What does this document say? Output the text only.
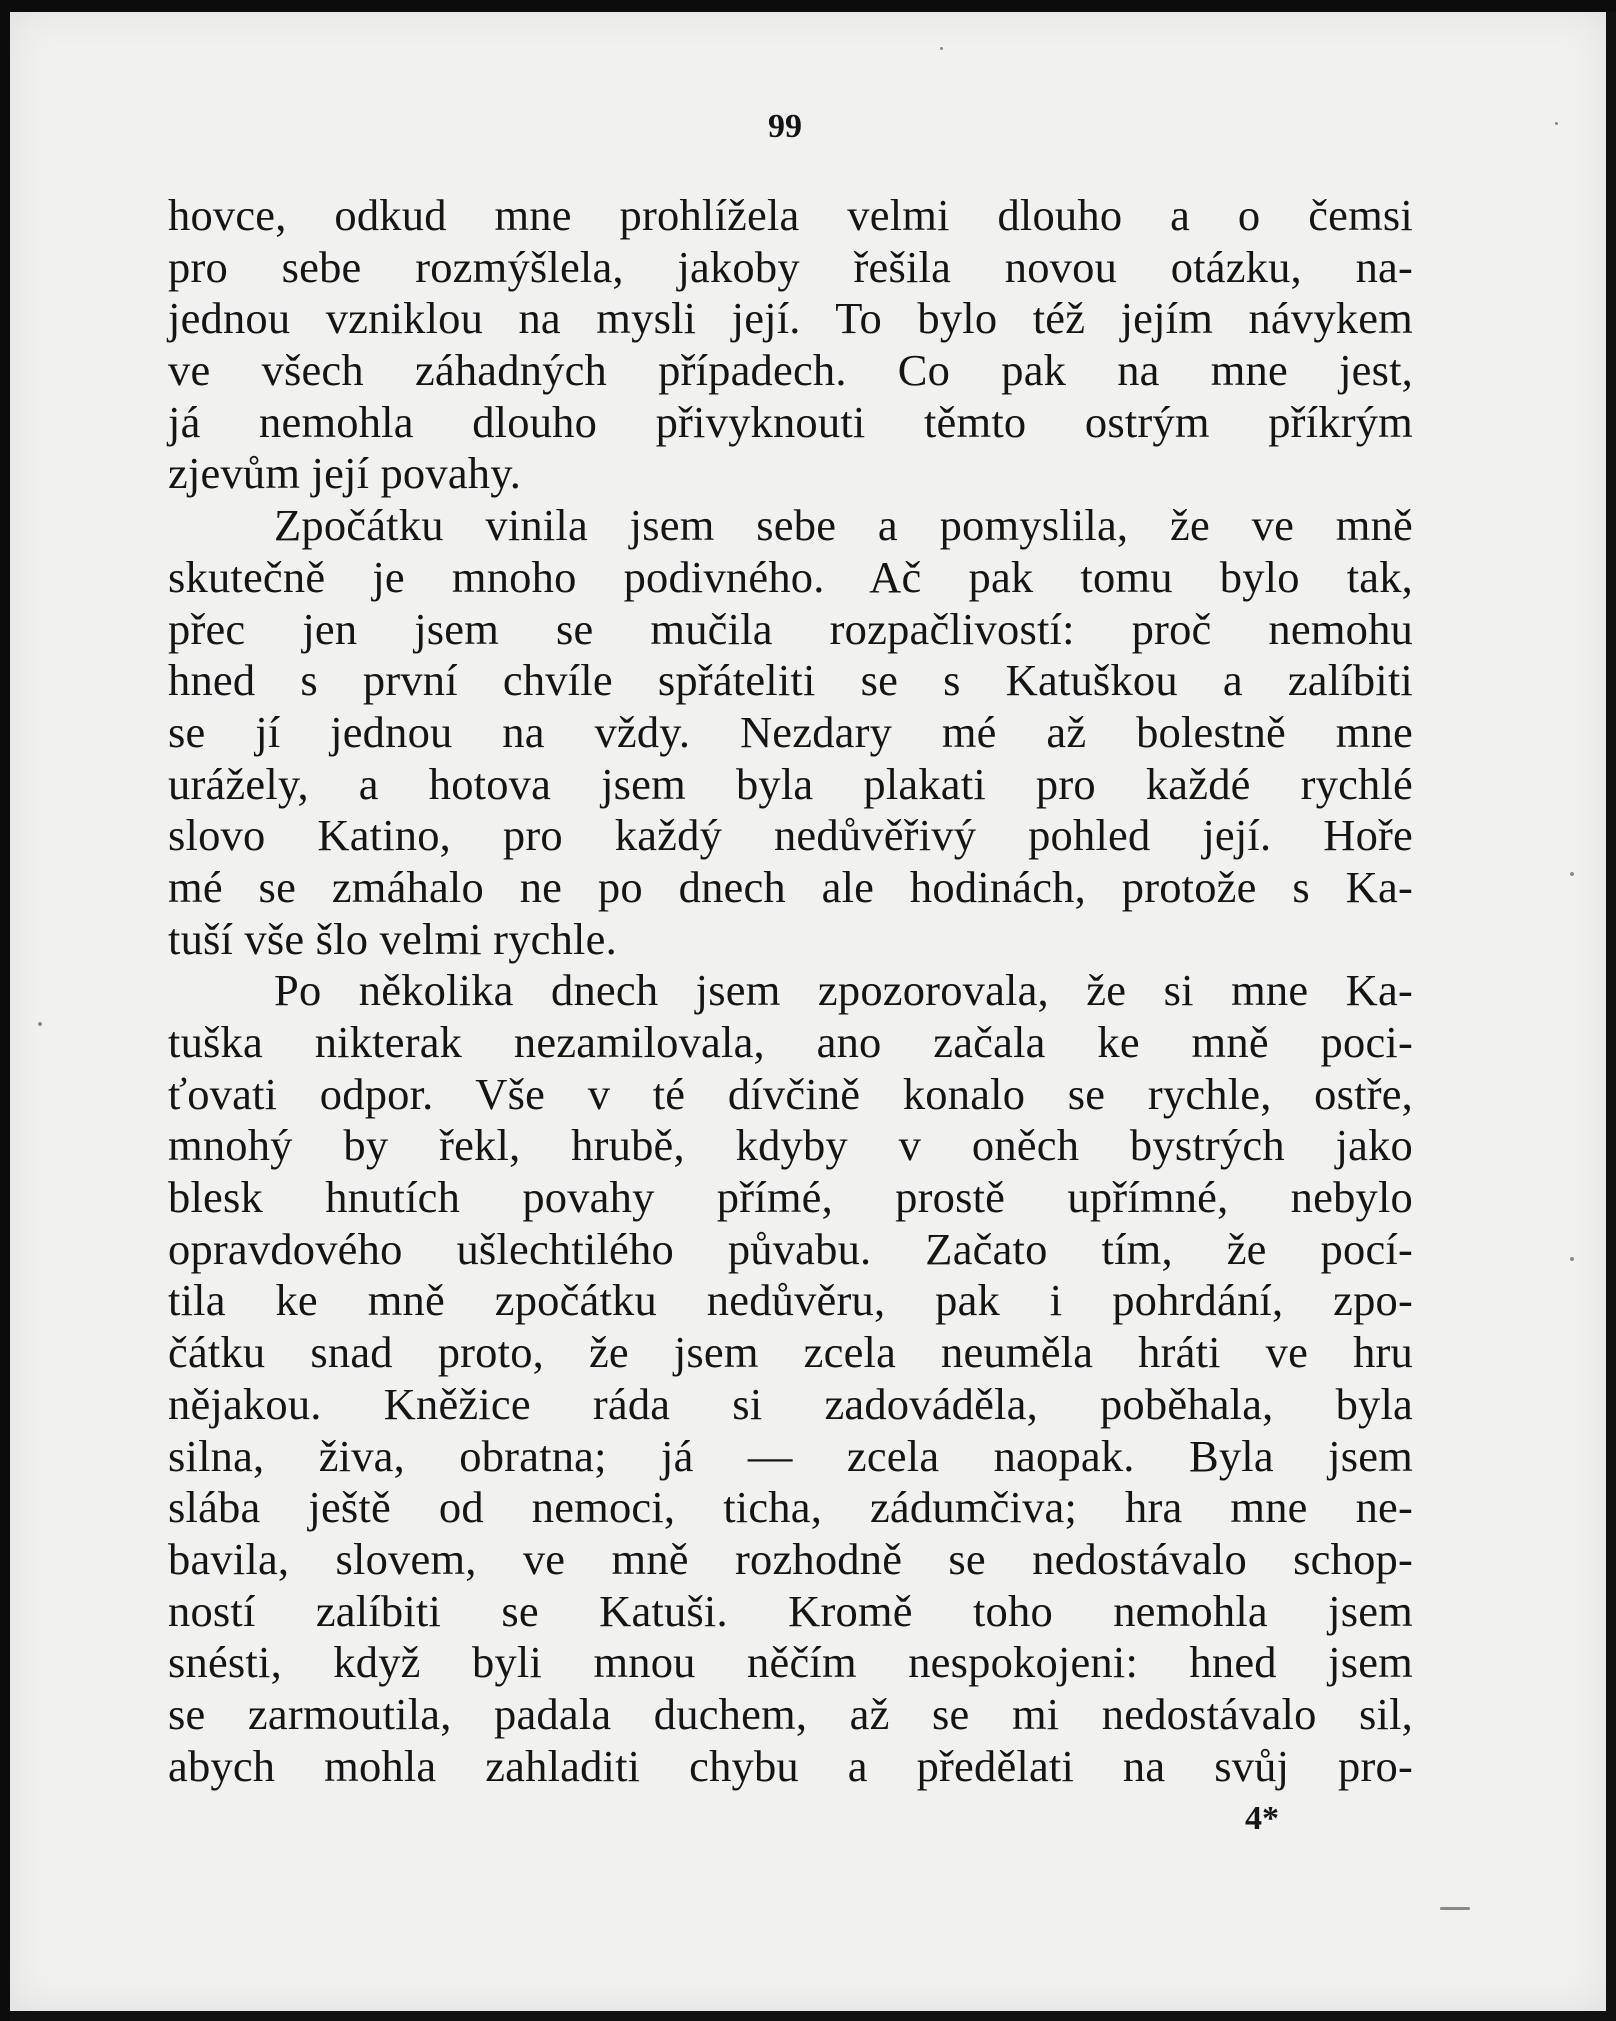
99
hovce, odkud mne prohlížela velmi dlouho a o čemsi
pro sebe rozmýšlela, jakoby řešila novou otázku, na-
jednou vzniklou na mysli její. To bylo též jejím návykem
ve všech záhadných případech. Co pak na mne jest,
já nemohla dlouho přivyknouti těmto ostrým příkrým
zjevům její povahy.
Zpočátku vinila jsem sebe a pomyslila, že ve mně
skutečně je mnoho podivného. Ač pak tomu bylo tak,
přec jen jsem se mučila rozpačlivostí: proč nemohu
hned s první chvíle spřáteliti se s Katuškou a zalíbiti
se jí jednou na vždy. Nezdary mé až bolestně mne
urážely, a hotova jsem byla plakati pro každé rychlé
slovo Katino, pro každý nedůvěřivý pohled její. Hoře
mé se zmáhalo ne po dnech ale hodinách, protože s Ka-
tuší vše šlo velmi rychle.
Po několika dnech jsem zpozorovala, že si mne Ka-
tuška nikterak nezamilovala, ano začala ke mně poci-
ťovati odpor. Vše v té dívčině konalo se rychle, ostře,
mnohý by řekl, hrubě, kdyby v oněch bystrých jako
blesk hnutích povahy přímé, prostě upřímné, nebylo
opravdového ušlechtilého půvabu. Začato tím, že pocí-
tila ke mně zpočátku nedůvěru, pak i pohrdání, zpo-
čátku snad proto, že jsem zcela neuměla hráti ve hru
nějakou. Kněžice ráda si zadováděla, poběhala, byla
silna, živa, obratna; já — zcela naopak. Byla jsem
slába ještě od nemoci, ticha, zádumčiva; hra mne ne-
bavila, slovem, ve mně rozhodně se nedostávalo schop-
ností zalíbiti se Katuši. Kromě toho nemohla jsem
snésti, když byli mnou něčím nespokojeni: hned jsem
se zarmoutila, padala duchem, až se mi nedostávalo sil,
abych mohla zahladiti chybu a předělati na svůj pro-
4*
